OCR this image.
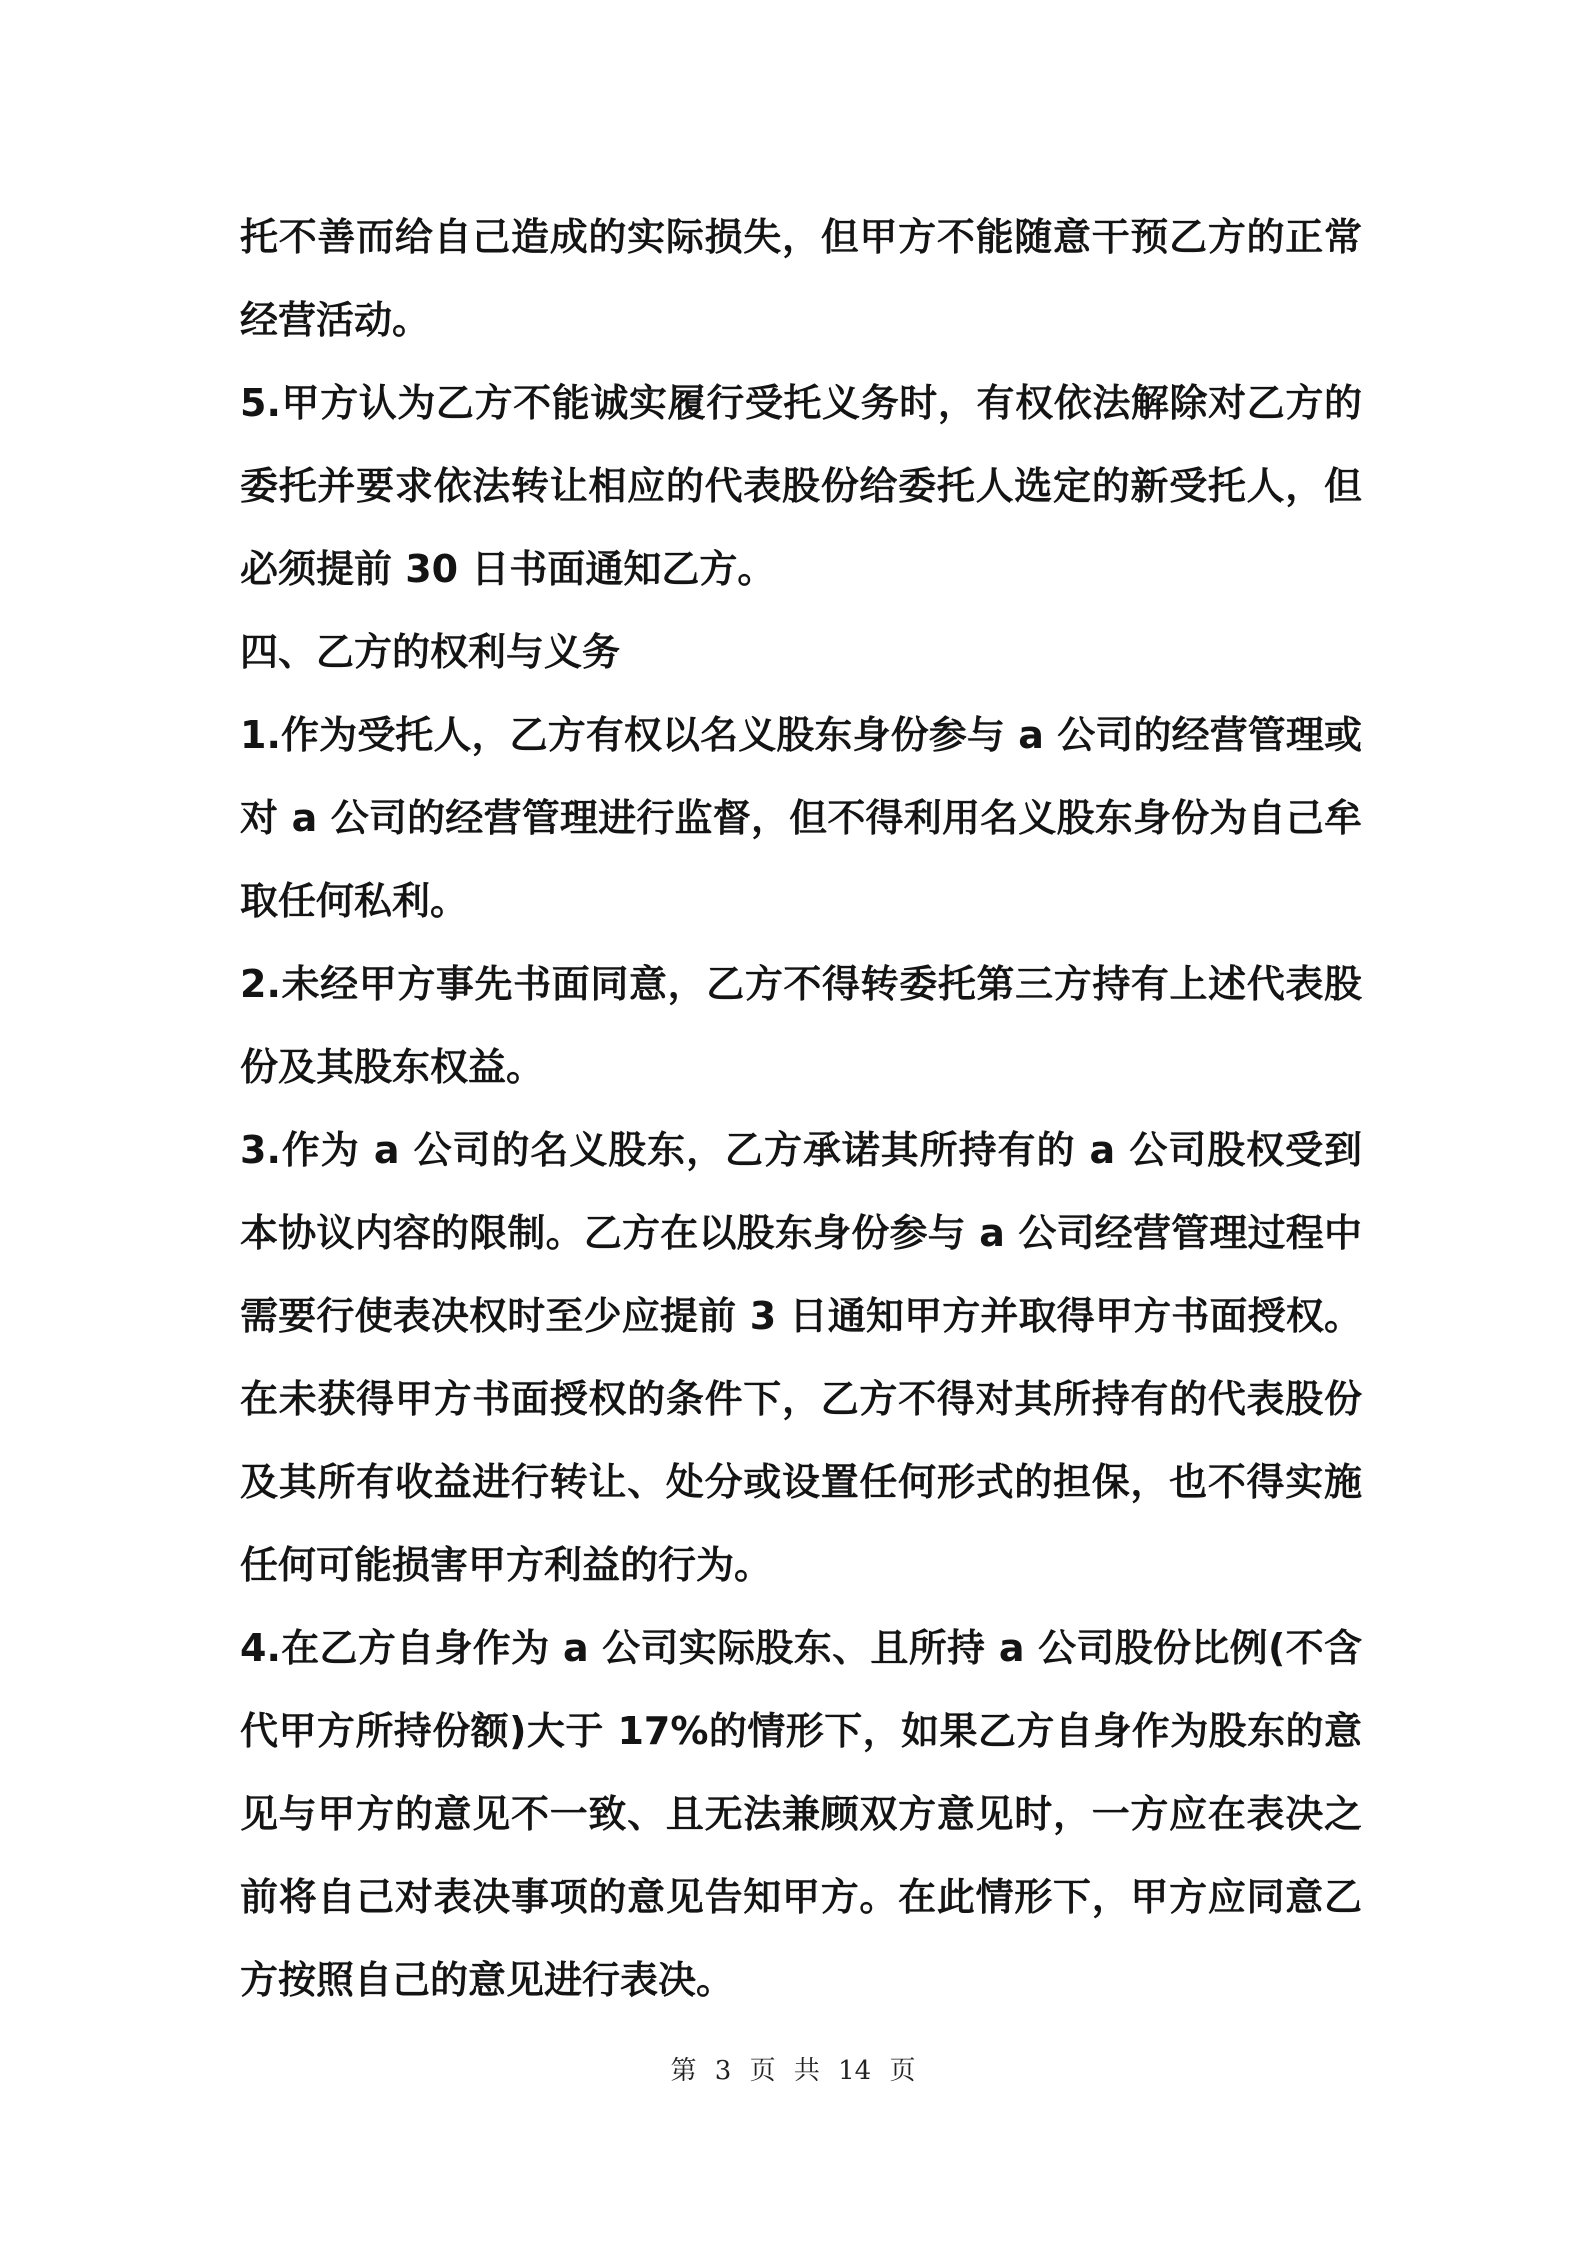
托不善而给自己造成的实际损失，但甲方不能随意干预乙方的正常经营活动。

5.甲方认为乙方不能诚实履行受托义务时，有权依法解除对乙方的委托并要求依法转让相应的代表股份给委托人选定的新受托人，但必须提前 30 日书面通知乙方。

四、乙方的权利与义务

1.作为受托人，乙方有权以名义股东身份参与 a 公司的经营管理或对 a 公司的经营管理进行监督，但不得利用名义股东身份为自己牟取任何私利。

2.未经甲方事先书面同意，乙方不得转委托第三方持有上述代表股份及其股东权益。

3.作为 a 公司的名义股东，乙方承诺其所持有的 a 公司股权受到本协议内容的限制。乙方在以股东身份参与 a 公司经营管理过程中需要行使表决权时至少应提前 3 日通知甲方并取得甲方书面授权。在未获得甲方书面授权的条件下，乙方不得对其所持有的代表股份及其所有收益进行转让、处分或设置任何形式的担保，也不得实施任何可能损害甲方利益的行为。

4.在乙方自身作为 a 公司实际股东、且所持 a 公司股份比例(不含代甲方所持份额)大于 17%的情形下，如果乙方自身作为股东的意见与甲方的意见不一致、且无法兼顾双方意见时，一方应在表决之前将自己对表决事项的意见告知甲方。在此情形下，甲方应同意乙方按照自己的意见进行表决。

第 3 页 共 14 页
